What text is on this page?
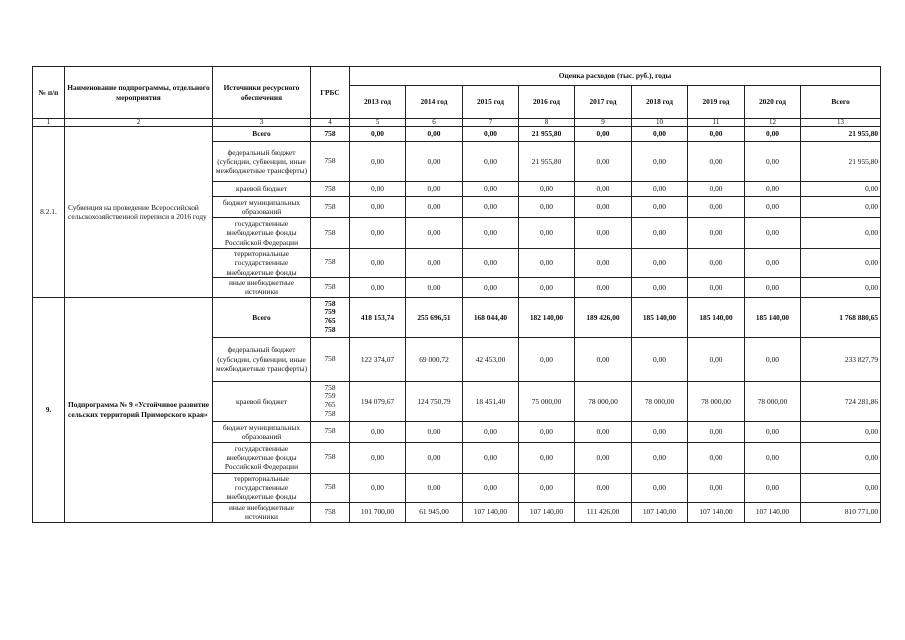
№ п/п	Наименование подпрограммы, отдельного мероприятия	Источники ресурсного обеспечения	ГРБС	Оценка расходов (тыс. руб.), годы								
				2013 год	2014 год	2015 год	2016 год	2017 год	2018 год	2019 год	2020 год	Всего
1	2	3	4	5	6	7	8	9	10	11	12	13
8.2.1.	Субвенция на проведение Всероссийской сельскохозяйственной переписи в 2016 году	Всего	758	0,00	0,00	0,00	21 955,80	0,00	0,00	0,00	0,00	21 955,80
		федеральный бюджет (субсидии, субвенции, иные межбюджетные трансферты)	758	0,00	0,00	0,00	21 955,80	0,00	0,00	0,00	0,00	21 955,80
		краевой бюджет	758	0,00	0,00	0,00	0,00	0,00	0,00	0,00	0,00	0,00
		бюджет муниципальных образований	758	0,00	0,00	0,00	0,00	0,00	0,00	0,00	0,00	0,00
		государственные внебюджетные фонды Российской Федерации	758	0,00	0,00	0,00	0,00	0,00	0,00	0,00	0,00	0,00
		территориальные государственные внебюджетные фонды	758	0,00	0,00	0,00	0,00	0,00	0,00	0,00	0,00	0,00
		иные внебюджетные источники	758	0,00	0,00	0,00	0,00	0,00	0,00	0,00	0,00	0,00
9.	Подпрограмма № 9 «Устойчивое развитие сельских территорий Приморского края»	Всего	758
759
765
758	418 153,74	255 696,51	168 044,40	182 140,00	189 426,00	185 140,00	185 140,00	185 140,00	1 768 880,65
		федеральный бюджет (субсидии, субвенции, иные межбюджетные трансферты)	758	122 374,07	69 000,72	42 453,00	0,00	0,00	0,00	0,00	0,00	233 827,79
		краевой бюджет	758
759
765
758	194 079,67	124 750,79	18 451,40	75 000,00	78 000,00	78 000,00	78 000,00	78 000,00	724 281,86
		бюджет муниципальных образований	758	0,00	0,00	0,00	0,00	0,00	0,00	0,00	0,00	0,00
		государственные внебюджетные фонды Российской Федерации	758	0,00	0,00	0,00	0,00	0,00	0,00	0,00	0,00	0,00
		территориальные государственные внебюджетные фонды	758	0,00	0,00	0,00	0,00	0,00	0,00	0,00	0,00	0,00
		иные внебюджетные источники	758	101 700,00	61 945,00	107 140,00	107 140,00	111 426,00	107 140,00	107 140,00	107 140,00	810 771,00
